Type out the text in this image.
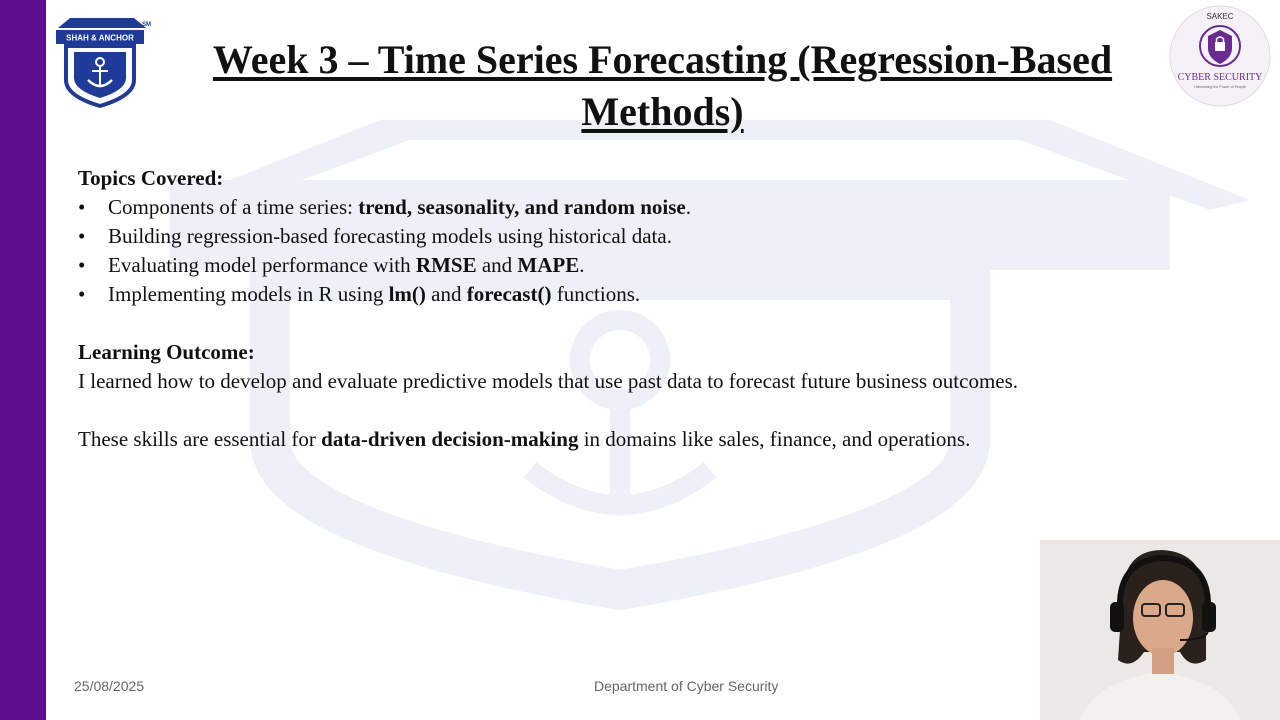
SHAH & ANCHOR
SM
SAKEC
CYBER SECURITY
Harnessing the Power of People
Week 3 – Time Series Forecasting (Regression-Based Methods)
Topics Covered:
• Components of a time series: trend, seasonality, and random noise.
• Building regression-based forecasting models using historical data.
• Evaluating model performance with RMSE and MAPE.
• Implementing models in R using lm() and forecast() functions.
Learning Outcome:

I learned how to develop and evaluate predictive models that use past data to forecast future business outcomes.

These skills are essential for data-driven decision-making in domains like sales, finance, and operations.

25/08/2025	Department of Cyber Security
